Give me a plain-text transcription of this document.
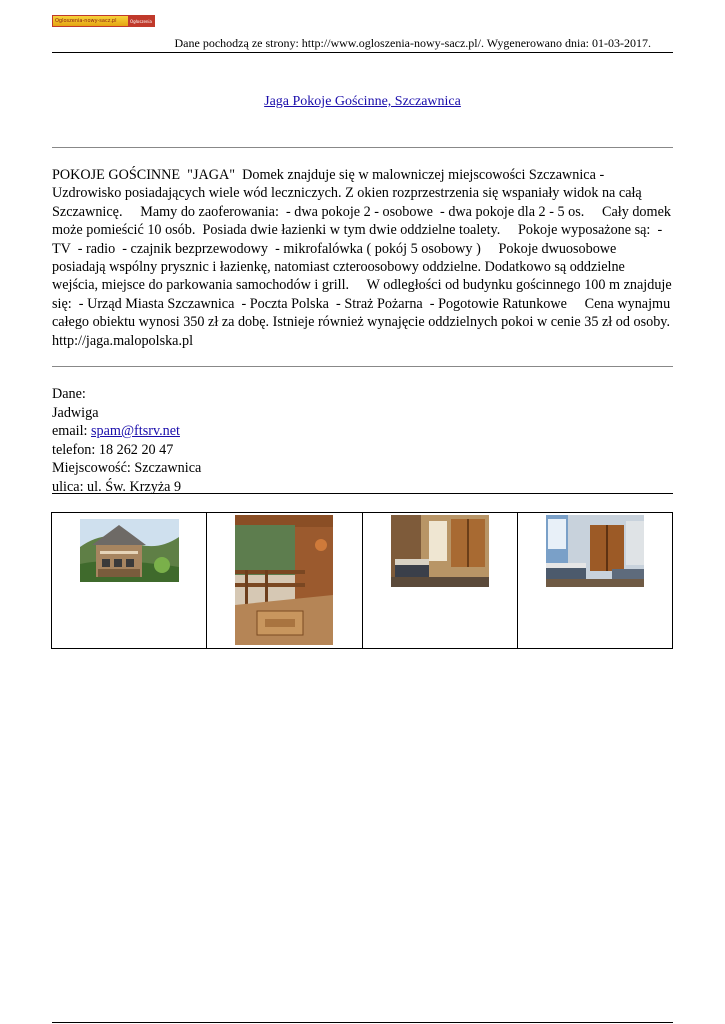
Ogloszenia-nowy-sacz.pl	Ogłoszenia
Dane pochodzą ze strony: http://www.ogloszenia-nowy-sacz.pl/. Wygenerowano dnia: 01-03-2017.
Jaga Pokoje Gościnne, Szczawnica

POKOJE GOŚCINNE  "JAGA"  Domek znajduje się w malowniczej miejscowości Szczawnica - Uzdrowisko posiadających wiele wód leczniczych. Z okien rozprzestrzenia się wspaniały widok na całą Szczawnicę.     Mamy do zaoferowania:  - dwa pokoje 2 - osobowe  - dwa pokoje dla 2 - 5 os.     Cały domek może pomieścić 10 osób.  Posiada dwie łazienki w tym dwie oddzielne toalety.     Pokoje wyposażone są:  - TV  - radio  - czajnik bezprzewodowy  - mikrofalówka ( pokój 5 osobowy )     Pokoje dwuosobowe posiadają wspólny prysznic i łazienkę, natomiast czteroosobowy oddzielne. Dodatkowo są oddzielne wejścia, miejsce do parkowania samochodów i grill.     W odległości od budynku gościnnego 100 m znajduje się:  - Urząd Miasta Szczawnica  - Poczta Polska  - Straż Pożarna  - Pogotowie Ratunkowe     Cena wynajmu całego obiektu wynosi 350 zł za dobę. Istnieje również wynajęcie oddzielnych pokoi w cenie 35 zł od osoby.  http://jaga.malopolska.pl

Dane:
Jadwiga
email: spam@ftsrv.net
telefon: 18 262 20 47
Miejscowość: Szczawnica
ulica: ul. Św. Krzyża 9
